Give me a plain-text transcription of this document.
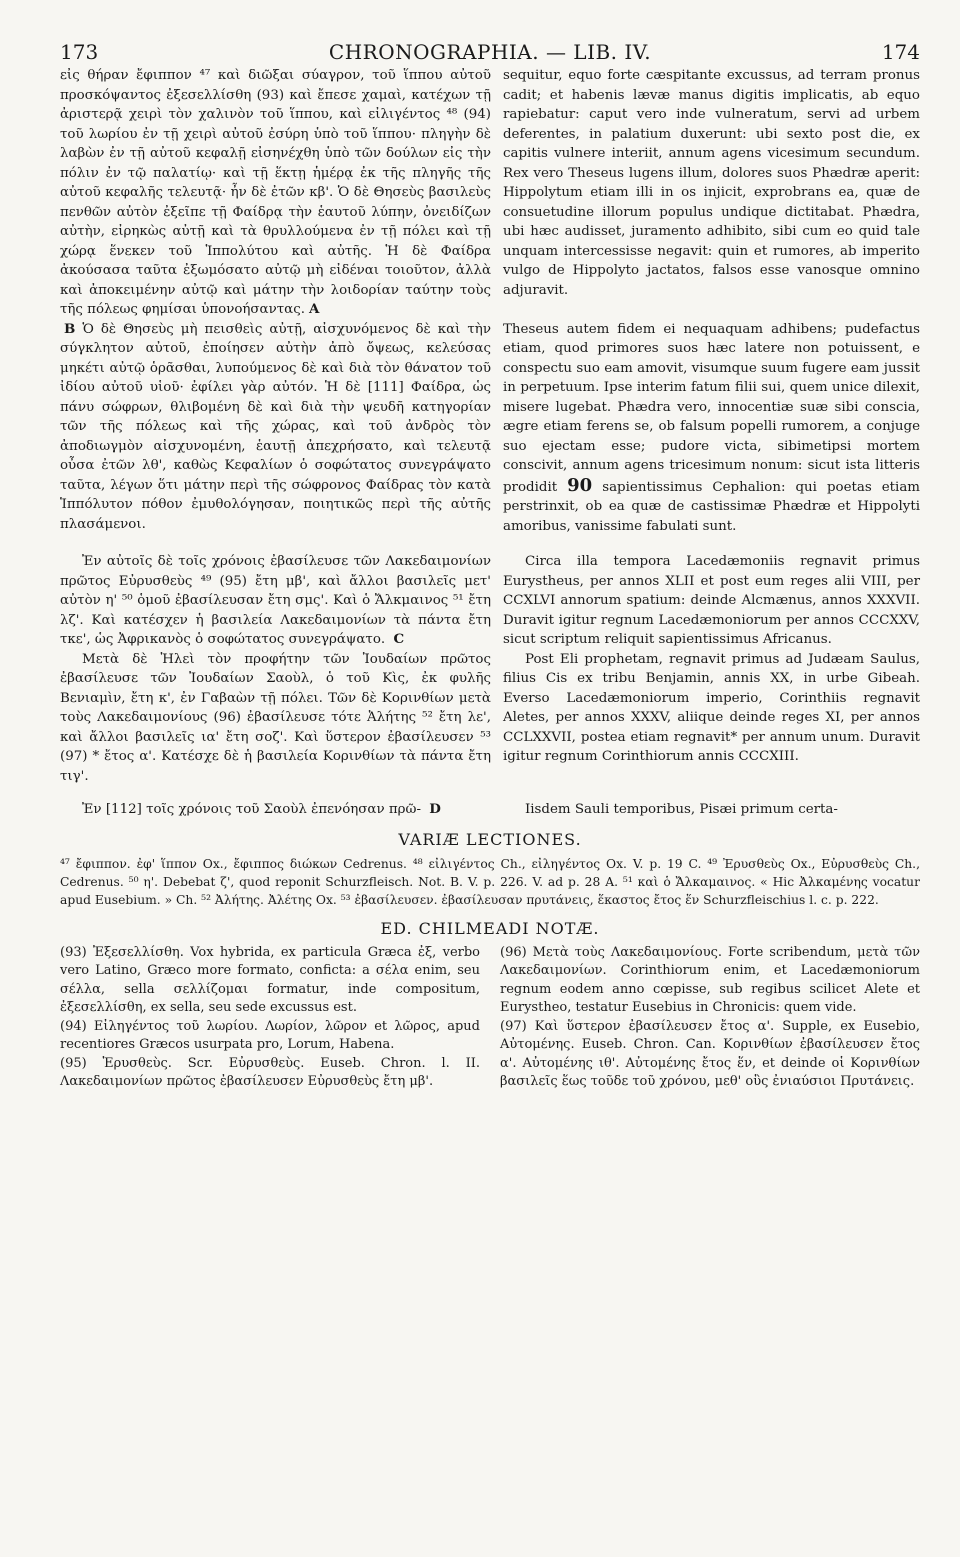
173	CHRONOGRAPHIA. — LIB. IV.	174

εἰς θήραν ἔφιππον ⁴⁷ καὶ διῶξαι σύαγρον, τοῦ ἵππου αὐτοῦ προσκόψαντος ἐξεσελλίσθη (93) καὶ ἔπεσε χαμαὶ, κατέχων τῇ ἀριστερᾷ χειρὶ τὸν χαλινὸν τοῦ ἵππου, καὶ εἰλιγέντος ⁴⁸ (94) τοῦ λωρίου ἐν τῇ χειρὶ αὐτοῦ ἐσύρη ὑπὸ τοῦ ἵππου· πληγὴν δὲ λαβὼν ἐν τῇ αὐτοῦ κεφαλῇ εἰσηνέχθη ὑπὸ τῶν δούλων εἰς τὴν πόλιν ἐν τῷ παλατίῳ· καὶ τῇ ἕκτῃ ἡμέρᾳ ἐκ τῆς πληγῆς τῆς αὐτοῦ κεφαλῆς τελευτᾷ· ἦν δὲ ἐτῶν κβ'. Ὁ δὲ Θησεὺς βασιλεὺς πενθῶν αὐτὸν ἐξεῖπε τῇ Φαίδρᾳ τὴν ἑαυτοῦ λύπην, ὀνειδίζων αὐτὴν, εἰρηκὼς αὐτῇ καὶ τὰ θρυλλούμενα ἐν τῇ πόλει καὶ τῇ χώρᾳ ἕνεκεν τοῦ Ἱππολύτου καὶ αὐτῆς. Ἡ δὲ Φαίδρα ἀκούσασα ταῦτα ἐξωμόσατο αὐτῷ μὴ εἰδέναι τοιοῦτον, ἀλλὰ καὶ ἀποκειμένην αὐτῷ καὶ μάτην τὴν λοιδορίαν ταύτην τοὺς τῆς πόλεως φημίσαι ὑπονοήσαντας. A

sequitur, equo forte cæspitante excussus, ad terram pronus cadit; et habenis lævæ manus digitis implicatis, ab equo rapiebatur: caput vero inde vulneratum, servi ad urbem deferentes, in palatium duxerunt: ubi sexto post die, ex capitis vulnere interiit, annum agens vicesimum secundum. Rex vero Theseus lugens illum, dolores suos Phædræ aperit: Hippolytum etiam illi in os injicit, exprobrans ea, quæ de consuetudine illorum populus undique dictitabat. Phædra, ubi hæc audisset, juramento adhibito, sibi cum eo quid tale unquam intercessisse negavit: quin et rumores, ab imperito vulgo de Hippolyto jactatos, falsos esse vanosque omnino adjuravit.

B Ὁ δὲ Θησεὺς μὴ πεισθεὶς αὐτῇ, αἰσχυνόμενος δὲ καὶ τὴν σύγκλητον αὐτοῦ, ἐποίησεν αὐτὴν ἀπὸ ὄψεως, κελεύσας μηκέτι αὐτῷ ὁρᾶσθαι, λυπούμενος δὲ καὶ διὰ τὸν θάνατον τοῦ ἰδίου αὐτοῦ υἱοῦ· ἐφίλει γὰρ αὐτόν. Ἡ δὲ [111] Φαίδρα, ὡς πάνυ σώφρων, θλιβομένη δὲ καὶ διὰ τὴν ψευδῆ κατηγορίαν τῶν τῆς πόλεως καὶ τῆς χώρας, καὶ τοῦ ἀνδρὸς τὸν ἀποδιωγμὸν αἰσχυνομένη, ἑαυτῇ ἀπεχρήσατο, καὶ τελευτᾷ οὖσα ἐτῶν λθ', καθὼς Κεφαλίων ὁ σοφώτατος συνεγράψατο ταῦτα, λέγων ὅτι μάτην περὶ τῆς σώφρονος Φαίδρας τὸν κατὰ Ἱππόλυτον πόθον ἐμυθολόγησαν, ποιητικῶς περὶ τῆς αὐτῆς πλασάμενοι.

Theseus autem fidem ei nequaquam adhibens; pudefactus etiam, quod primores suos hæc latere non potuissent, e conspectu suo eam amovit, visumque suum fugere eam jussit in perpetuum. Ipse interim fatum filii sui, quem unice dilexit, misere lugebat. Phædra vero, innocentiæ suæ sibi conscia, ægre etiam ferens se, ob falsum popelli rumorem, a conjuge suo ejectam esse; pudore victa, sibimetipsi mortem conscivit, annum agens tricesimum nonum: sicut ista litteris prodidit 90 sapientissimus Cephalion: qui poetas etiam perstrinxit, ob ea quæ de castissimæ Phædræ et Hippolyti amoribus, vanissime fabulati sunt.

Ἐν αὐτοῖς δὲ τοῖς χρόνοις ἐβασίλευσε τῶν Λακεδαιμονίων πρῶτος Εὐρυσθεὺς ⁴⁹ (95) ἔτη μβ', καὶ ἄλλοι βασιλεῖς μετ' αὐτὸν η' ⁵⁰ ὁμοῦ ἐβασίλευσαν ἔτη σμς'. Καὶ ὁ Ἄλκμαινος ⁵¹ ἔτη λζ'. Καὶ κατέσχεν ἡ βασιλεία Λακεδαιμονίων τὰ πάντα ἔτη τκε', ὡς Ἀφρικανὸς ὁ σοφώτατος συνεγράψατο. C

Μετὰ δὲ Ἠλεὶ τὸν προφήτην τῶν Ἰουδαίων πρῶτος ἐβασίλευσε τῶν Ἰουδαίων Σαοὺλ, ὁ τοῦ Κὶς, ἐκ φυλῆς Βενιαμὶν, ἔτη κ', ἐν Γαβαὼν τῇ πόλει. Τῶν δὲ Κορινθίων μετὰ τοὺς Λακεδαιμονίους (96) ἐβασίλευσε τότε Ἀλήτης ⁵² ἔτη λε', καὶ ἄλλοι βασιλεῖς ια' ἔτη σοζ'. Καὶ ὕστερον ἐβασίλευσεν ⁵³ (97) * ἔτος α'. Κατέσχε δὲ ἡ βασιλεία Κορινθίων τὰ πάντα ἔτη τιγ'.

Circa illa tempora Lacedæmoniis regnavit primus Eurystheus, per annos XLII et post eum reges alii VIII, per CCXLVI annorum spatium: deinde Alcmænus, annos XXXVII. Duravit igitur regnum Lacedæmoniorum per annos CCCXXV, sicut scriptum reliquit sapientissimus Africanus.

Post Eli prophetam, regnavit primus ad Judæam Saulus, filius Cis ex tribu Benjamin, annis XX, in urbe Gibeah. Everso Lacedæmoniorum imperio, Corinthiis regnavit Aletes, per annos XXXV, aliique deinde reges XI, per annos CCLXXVII, postea etiam regnavit* per annum unum. Duravit igitur regnum Corinthiorum annis CCCXIII.

Ἐν [112] τοῖς χρόνοις τοῦ Σαοὺλ ἐπενόησαν πρῶ- D	Iisdem Sauli temporibus, Pisæi primum certa-

VARIÆ LECTIONES.
⁴⁷ ἔφιππον. ἐφ' ἵππον Ox., ἔφιππος διώκων Cedrenus. ⁴⁸ εἰλιγέντος Ch., εἰληγέντος Ox. V. p. 19 C. ⁴⁹ Ἐρυσθεὺς Ox., Εὐρυσθεὺς Ch., Cedrenus. ⁵⁰ η'. Debebat ζ', quod reponit Schurzfleisch. Not. B. V. p. 226. V. ad p. 28 A. ⁵¹ καὶ ὁ Ἄλκαμαινος. « Hic Ἀλκαμένης vocatur apud Eusebium. » Ch. ⁵² Ἀλήτης. Ἀλέτης Ox. ⁵³ ἐβασίλευσεν. ἐβασίλευσαν πρυτάνεις, ἕκαστος ἔτος ἕν Schurzfleischius l. c. p. 222.
ED. CHILMEADI NOTÆ.

(93) Ἐξεσελλίσθη. Vox hybrida, ex particula Græca ἐξ, verbo vero Latino, Græco more formato, conficta: a σέλα enim, seu σέλλα, sella σελλίζομαι formatur, inde compositum, ἐξεσελλίσθη, ex sella, seu sede excussus est.

(94) Εἰληγέντος τοῦ λωρίου. Λωρίον, λῶρον et λῶρος, apud recentiores Græcos usurpata pro, Lorum, Habena.

(95) Ἐρυσθεὺς. Scr. Εὐρυσθεὺς. Euseb. Chron. l. II. Λακεδαιμονίων πρῶτος ἐβασίλευσεν Εὐρυσθεὺς ἔτη μβ'.

(96) Μετὰ τοὺς Λακεδαιμονίους. Forte scribendum, μετὰ τῶν Λακεδαιμονίων. Corinthiorum enim, et Lacedæmoniorum regnum eodem anno cœpisse, sub regibus scilicet Alete et Eurystheo, testatur Eusebius in Chronicis: quem vide.

(97) Καὶ ὕστερον ἐβασίλευσεν ἔτος α'. Supple, ex Eusebio, Αὐτομένης. Euseb. Chron. Can. Κορινθίων ἐβασίλευσεν ἔτος α'. Αὐτομένης ιθ'. Αὐτομένης ἔτος ἕν, et deinde οἱ Κορινθίων βασιλεῖς ἕως τοῦδε τοῦ χρόνου, μεθ' οὓς ἐνιαύσιοι Πρυτάνεις.
